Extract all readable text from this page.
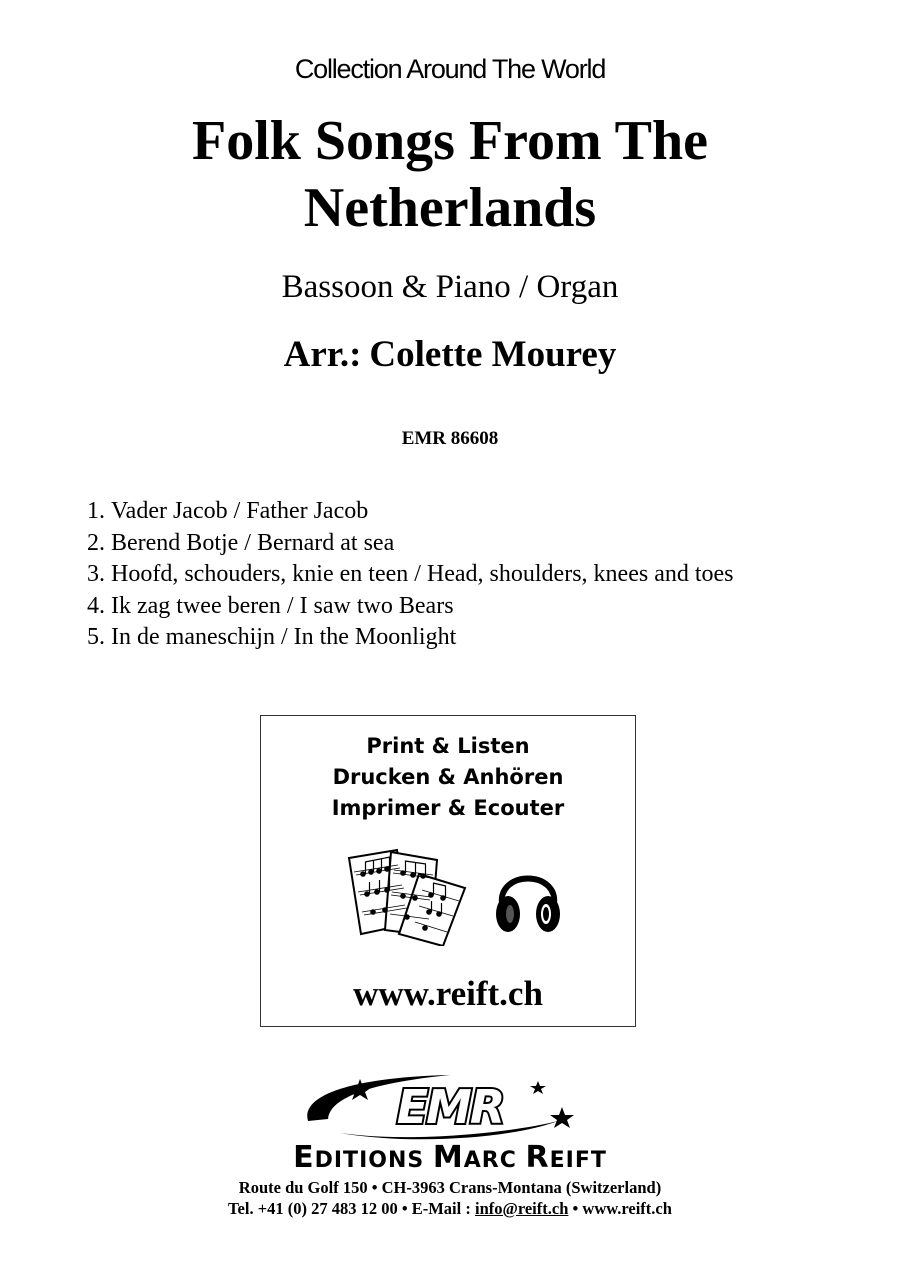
Collection Around The World
Folk Songs From The
Netherlands
Bassoon & Piano / Organ
Arr.: Colette Mourey
EMR 86608
1. Vader Jacob / Father Jacob
2. Berend Botje / Bernard at sea
3. Hoofd, schouders, knie en teen / Head, shoulders, knees and toes
4. Ik zag twee beren / I saw two Bears
5. In de maneschijn / In the Moonlight
Print & Listen
Drucken & Anhören
Imprimer & Ecouter
www.reift.ch
EMR
EDITIONS MARC REIFT
Route du Golf 150 • CH-3963 Crans-Montana (Switzerland)
Tel. +41 (0) 27 483 12 00 • E-Mail : info@reift.ch • www.reift.ch
